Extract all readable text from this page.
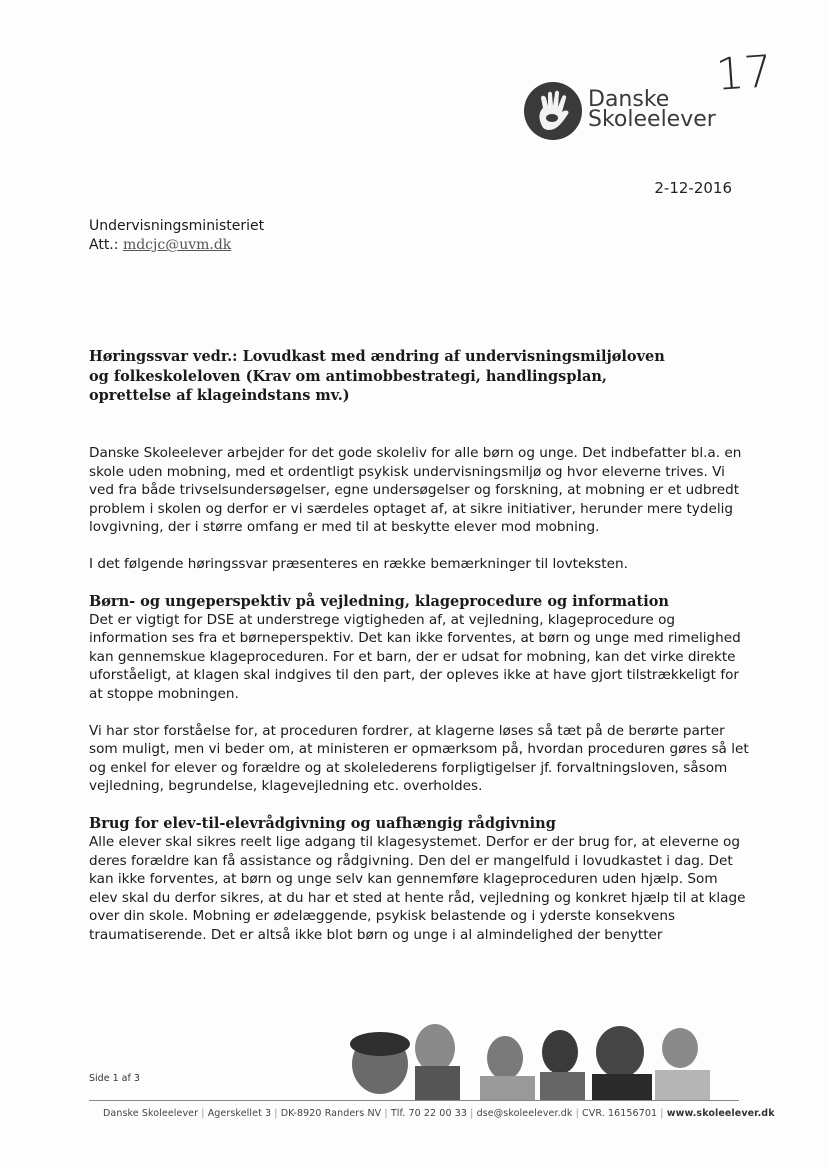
17
Danske
Skoleelever
2-12-2016
Undervisningsministeriet
Att.: mdcjc@uvm.dk
Høringssvar vedr.: Lovudkast med ændring af undervisningsmiljøloven og folkeskoleloven (Krav om antimobbestrategi, handlingsplan, oprettelse af klageindstans mv.)

Danske Skoleelever arbejder for det gode skoleliv for alle børn og unge. Det indbefatter bl.a. en skole uden mobning, med et ordentligt psykisk undervisningsmiljø og hvor eleverne trives. Vi ved fra både trivselsundersøgelser, egne undersøgelser og forskning, at mobning er et udbredt problem i skolen og derfor er vi særdeles optaget af, at sikre initiativer, herunder mere tydelig lovgivning, der i større omfang er med til at beskytte elever mod mobning.

I det følgende høringssvar præsenteres en række bemærkninger til lovteksten.

Børn- og ungeperspektiv på vejledning, klageprocedure og information

Det er vigtigt for DSE at understrege vigtigheden af, at vejledning, klageprocedure og information ses fra et børneperspektiv. Det kan ikke forventes, at børn og unge med rimelighed kan gennemskue klageproceduren. For et barn, der er udsat for mobning, kan det virke direkte uforståeligt, at klagen skal indgives til den part, der opleves ikke at have gjort tilstrækkeligt for at stoppe mobningen.

Vi har stor forståelse for, at proceduren fordrer, at klagerne løses så tæt på de berørte parter som muligt, men vi beder om, at ministeren er opmærksom på, hvordan proceduren gøres så let og enkel for elever og forældre og at skolelederens forpligtigelser jf. forvaltningsloven, såsom vejledning, begrundelse, klagevejledning etc. overholdes.

Brug for elev-til-elevrådgivning og uafhængig rådgivning

Alle elever skal sikres reelt lige adgang til klagesystemet. Derfor er der brug for, at eleverne og deres forældre kan få assistance og rådgivning. Den del er mangelfuld i lovudkastet i dag. Det kan ikke forventes, at børn og unge selv kan gennemføre klageproceduren uden hjælp. Som elev skal du derfor sikres, at du har et sted at hente råd, vejledning og konkret hjælp til at klage over din skole. Mobning er ødelæggende, psykisk belastende og i yderste konsekvens traumatiserende. Det er altså ikke blot børn og unge i al almindelighed der benytter

Side 1 af 3
Danske Skoleelever | Agerskellet 3 | DK-8920 Randers NV | Tlf. 70 22 00 33 | dse@skoleelever.dk | CVR. 16156701 | www.skoleelever.dk
